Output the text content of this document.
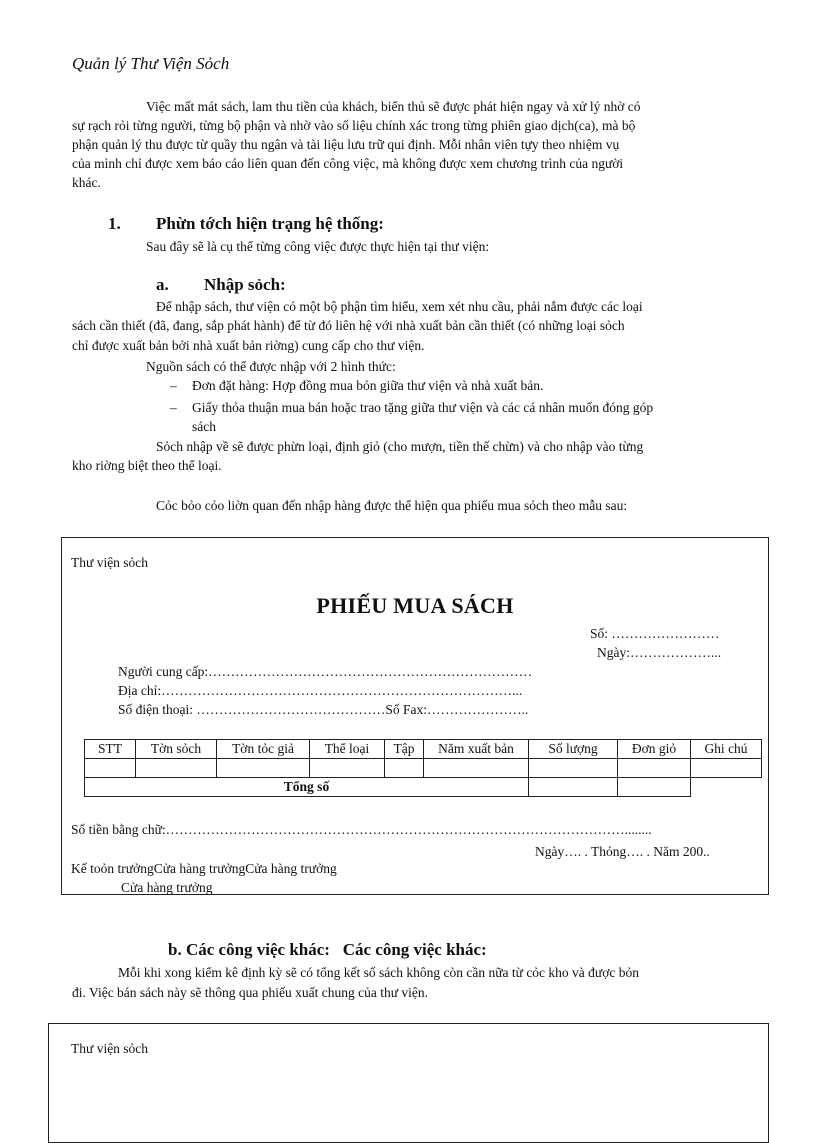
Quản lý Thư Viện Sỏch
Việc mất mát sách, lam thu tiền của khách, biển thủ sẽ được phát hiện ngay và xử lý nhờ có
sự rạch rỏi từng người, từng bộ phận và nhờ vào số liệu chính xác trong từng phiên giao dịch(ca), mà bộ
phận quản lý thu được từ quầy thu ngân và tài liệu lưu trữ qui định. Mỗi nhân viên tựy theo nhiệm vụ
của mình chỉ được xem báo cáo liên quan đến công việc, mà không được xem chương trình của người
khác.
1. Phừn tớch hiện trạng hệ thống:
Sau đây sẽ là cụ thể từng công việc được thực hiện tại thư viện:
a. Nhập sỏch:
Để nhập sách, thư viện có một bộ phận tìm hiểu, xem xét nhu cầu, phải nắm được các loại
sách cần thiết (đã, đang, sắp phát hành) để từ đó liên hệ với nhà xuất bản cần thiết (có những loại sỏch
chỉ được xuất bản bởi nhà xuất bản riờng) cung cấp cho thư viện.
Nguồn sách có thể được nhập với 2 hình thức:
– Đơn đặt hàng: Hợp đồng mua bỏn giữa thư viện và nhà xuất bản.
– Giấy thỏa thuận mua bán hoặc trao tặng giữa thư viện và các cá nhân muốn đóng góp
sách
Sỏch nhập về sẽ được phừn loại, định giỏ (cho mượn, tiền thế chừn) và cho nhập vào từng
kho riờng biệt theo thể loại.
Cỏc bỏo cỏo liờn quan đến nhập hàng được thể hiện qua phiếu mua sỏch theo mẫu sau:
Thư viện sỏch
PHIẾU MUA SÁCH
Số: ……………………
Ngày:………………...
Người cung cấp:………………………………………………………………
Địa chỉ:……………………………………………………………………...
Số điện thoại: ……………………………………Số Fax:…………………..
STT	Tờn sỏch	Tờn tỏc giả	Thể loại	Tập	Năm xuất bản	Số lượng	Đơn giỏ	Ghi chú

Tổng số								
Số tiền bằng chữ:…………………………………………………………………………………………........
Ngày…. . Thỏng…. . Năm 200..
Kế toỏn trưởngCửa hàng trưởngCửa hàng trưởng
Cửa hàng trưởng
b. Các công việc khác: Các công việc khác:
Mỗi khi xong kiểm kê định kỳ sẽ có tổng kết số sách không còn cần nữa từ cỏc kho và được bỏn
đi. Việc bán sách này sẽ thông qua phiếu xuất chung của thư viện.
Thư viện sỏch
